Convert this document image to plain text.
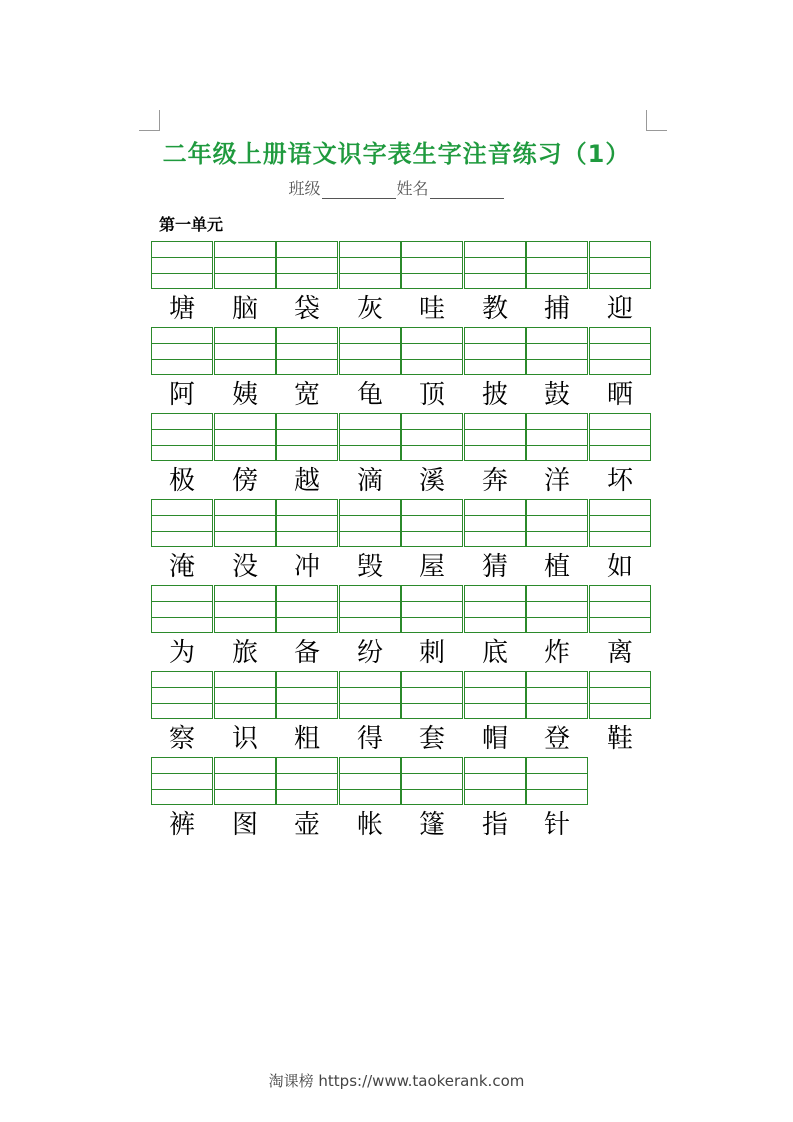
二年级上册语文识字表生字注音练习（1）
班级	姓名
第一单元
塘	脑	袋	灰	哇	教	捕	迎
阿	姨	宽	龟	顶	披	鼓	晒
极	傍	越	滴	溪	奔	洋	坏
淹	没	冲	毁	屋	猜	植	如
为	旅	备	纷	刺	底	炸	离
察	识	粗	得	套	帽	登	鞋
裤	图	壶	帐	篷	指	针
淘课榜 https://www.taokerank.com
